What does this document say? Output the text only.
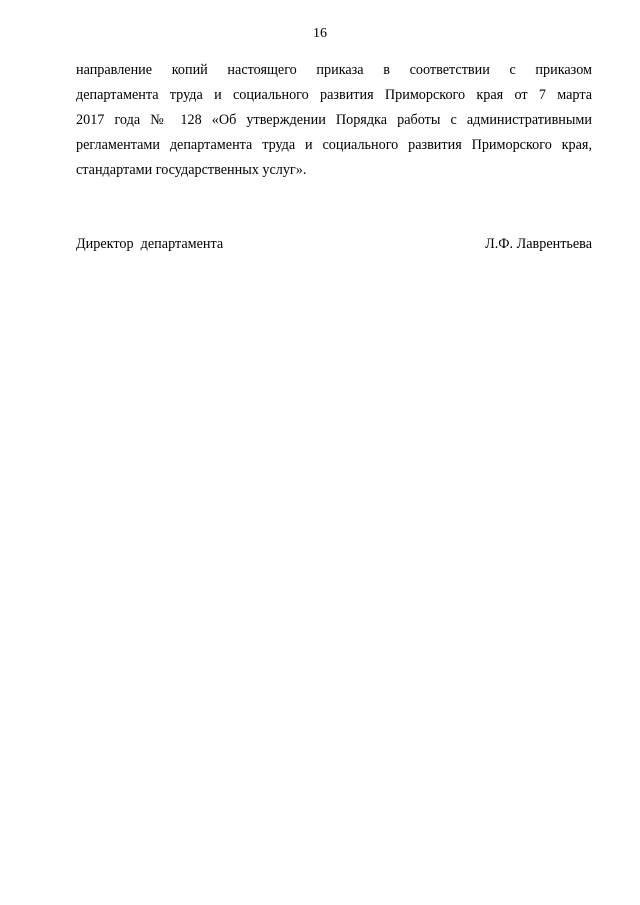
16
направление копий настоящего приказа в соответствии с приказом
департамента труда и социального развития Приморского края от 7 марта
2017 года № 128 «Об утверждении Порядка работы с административными
регламентами департамента труда и социального развития Приморского края,
стандартами государственных услуг».
Директор  департамента	Л.Ф. Лаврентьева
